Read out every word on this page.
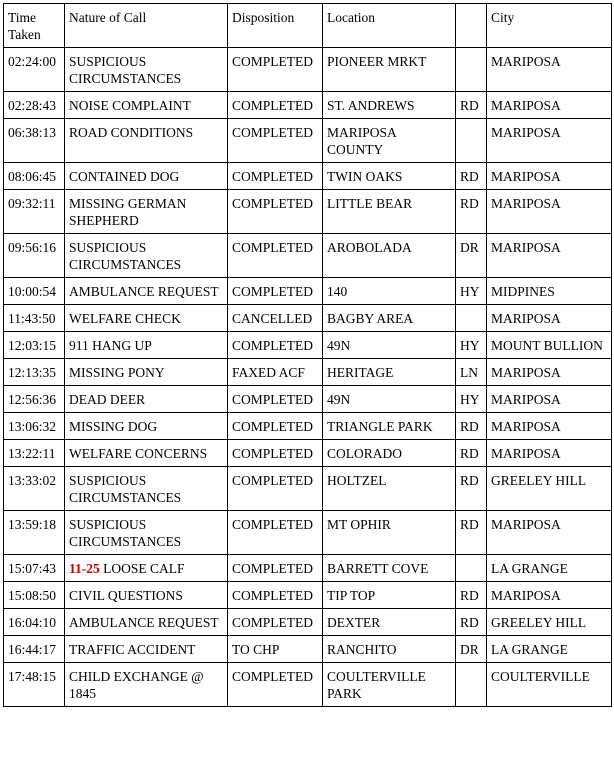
Time Taken	Nature of Call	Disposition	Location		City
02:24:00	SUSPICIOUS CIRCUMSTANCES	COMPLETED	PIONEER MRKT		MARIPOSA
02:28:43	NOISE COMPLAINT	COMPLETED	ST. ANDREWS	RD	MARIPOSA
06:38:13	ROAD CONDITIONS	COMPLETED	MARIPOSA COUNTY		MARIPOSA
08:06:45	CONTAINED DOG	COMPLETED	TWIN OAKS	RD	MARIPOSA
09:32:11	MISSING GERMAN SHEPHERD	COMPLETED	LITTLE BEAR	RD	MARIPOSA
09:56:16	SUSPICIOUS CIRCUMSTANCES	COMPLETED	AROBOLADA	DR	MARIPOSA
10:00:54	AMBULANCE REQUEST	COMPLETED	140	HY	MIDPINES
11:43:50	WELFARE CHECK	CANCELLED	BAGBY AREA		MARIPOSA
12:03:15	911 HANG UP	COMPLETED	49N	HY	MOUNT BULLION
12:13:35	MISSING PONY	FAXED ACF	HERITAGE	LN	MARIPOSA
12:56:36	DEAD DEER	COMPLETED	49N	HY	MARIPOSA
13:06:32	MISSING DOG	COMPLETED	TRIANGLE PARK	RD	MARIPOSA
13:22:11	WELFARE CONCERNS	COMPLETED	COLORADO	RD	MARIPOSA
13:33:02	SUSPICIOUS CIRCUMSTANCES	COMPLETED	HOLTZEL	RD	GREELEY HILL
13:59:18	SUSPICIOUS CIRCUMSTANCES	COMPLETED	MT OPHIR	RD	MARIPOSA
15:07:43	11-25 LOOSE CALF	COMPLETED	BARRETT COVE		LA GRANGE
15:08:50	CIVIL QUESTIONS	COMPLETED	TIP TOP	RD	MARIPOSA
16:04:10	AMBULANCE REQUEST	COMPLETED	DEXTER	RD	GREELEY HILL
16:44:17	TRAFFIC ACCIDENT	TO CHP	RANCHITO	DR	LA GRANGE
17:48:15	CHILD EXCHANGE @ 1845	COMPLETED	COULTERVILLE PARK		COULTERVILLE
